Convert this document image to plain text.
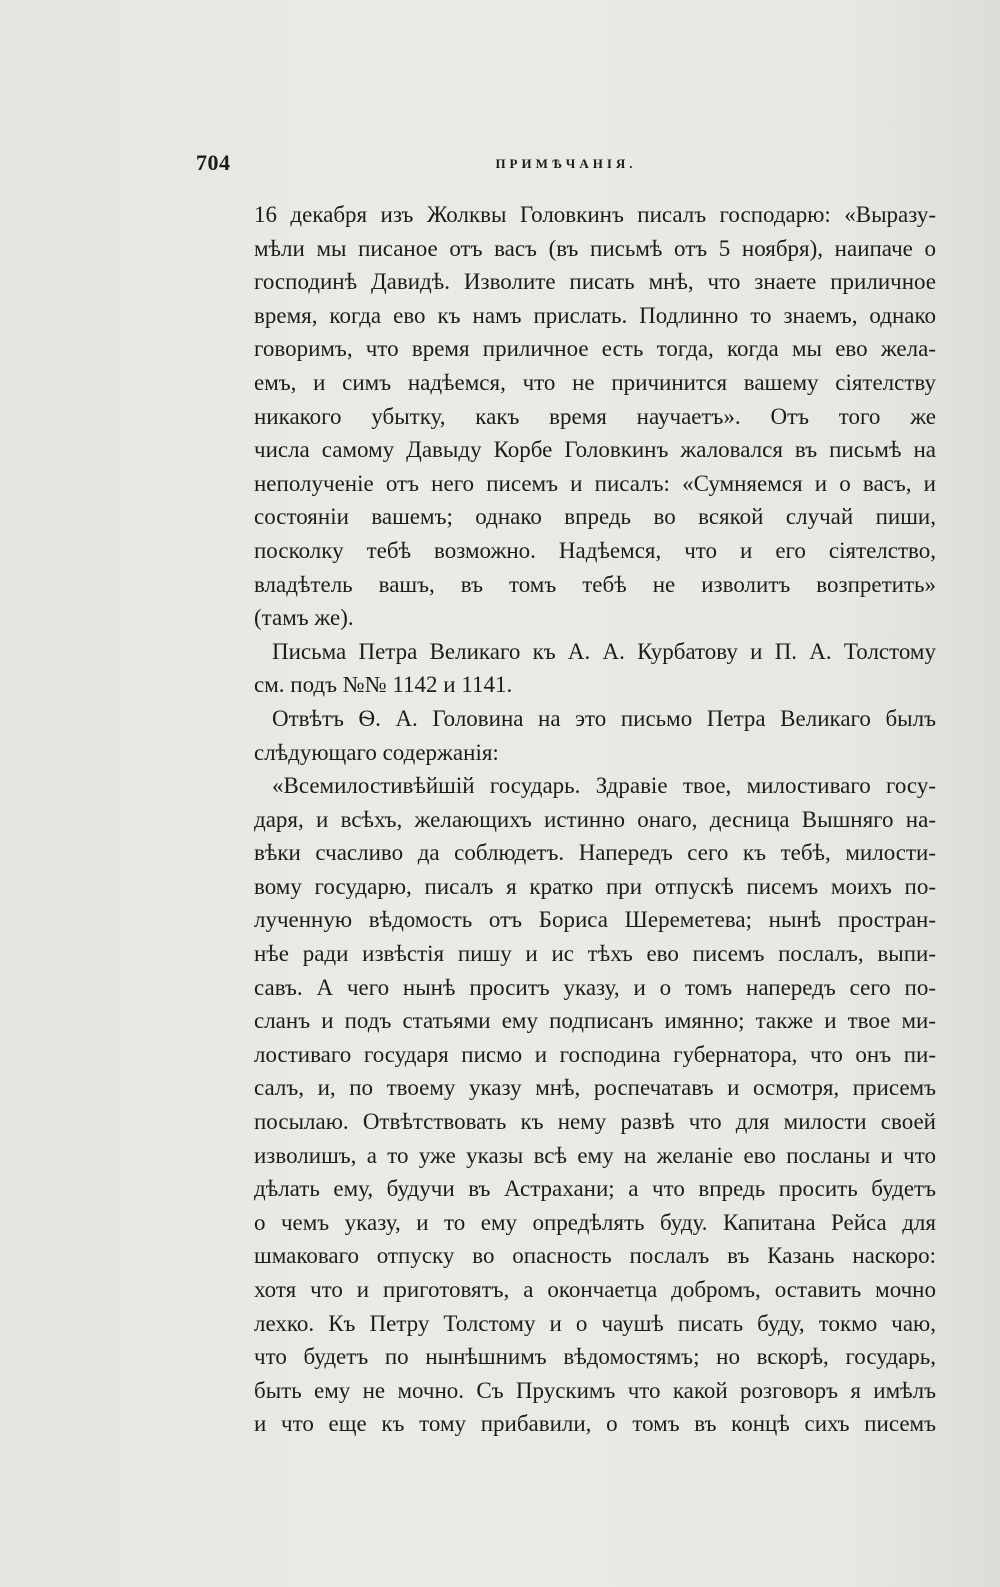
704	ПРИМѢЧАНІЯ.
16 декабря изъ Жолквы Головкинъ писалъ господарю: «Выразу-
мѣли мы писаное отъ васъ (въ письмѣ отъ 5 ноября), наипаче о
господинѣ Давидѣ. Изволите писать мнѣ, что знаете приличное
время, когда ево къ намъ прислать. Подлинно то знаемъ, однако
говоримъ, что время приличное есть тогда, когда мы ево жела-
емъ, и симъ надѣемся, что не причинится вашему сіятелству
никакого убытку, какъ время научаетъ». Отъ того же
числа самому Давыду Корбе Головкинъ жаловался въ письмѣ на
неполученіе отъ него писемъ и писалъ: «Сумняемся и о васъ, и
состояніи вашемъ; однако впредь во всякой случай пиши,
посколку тебѣ возможно. Надѣемся, что и его сіятелство,
владѣтель вашъ, въ томъ тебѣ не изволитъ возпретить»
(тамъ же).
Письма Петра Великаго къ А. А. Курбатову и П. А. Толстому
см. подъ №№ 1142 и 1141.
Отвѣтъ Ѳ. А. Головина на это письмо Петра Великаго былъ
слѣдующаго содержанія:
«Всемилостивѣйшій государь. Здравіе твое, милостиваго госу-
даря, и всѣхъ, желающихъ истинно онаго, десница Вышняго на-
вѣки счасливо да соблюдетъ. Напередъ сего къ тебѣ, милости-
вому государю, писалъ я кратко при отпускѣ писемъ моихъ по-
лученную вѣдомость отъ Бориса Шереметева; нынѣ простран-
нѣе ради извѣстія пишу и ис тѣхъ ево писемъ послалъ, выпи-
савъ. А чего нынѣ проситъ указу, и о томъ напередъ сего по-
сланъ и подъ статьями ему подписанъ имянно; также и твое ми-
лостиваго государя писмо и господина губернатора, что онъ пи-
салъ, и, по твоему указу мнѣ, роспечатавъ и осмотря, присемъ
посылаю. Отвѣтствовать къ нему развѣ что для милости своей
изволишъ, а то уже указы всѣ ему на желаніе ево посланы и что
дѣлать ему, будучи въ Астрахани; а что впредь просить будетъ
о чемъ указу, и то ему опредѣлять буду. Капитана Рейса для
шмаковаго отпуску во опасность послалъ въ Казань наскоро:
хотя что и приготовятъ, а окончаетца добромъ, оставить мочно
лехко. Къ Петру Толстому и о чаушѣ писать буду, токмо чаю,
что будетъ по нынѣшнимъ вѣдомостямъ; но вскорѣ, государь,
быть ему не мочно. Съ Прускимъ что какой розговоръ я имѣлъ
и что еще къ тому прибавили, о томъ въ концѣ сихъ писемъ
